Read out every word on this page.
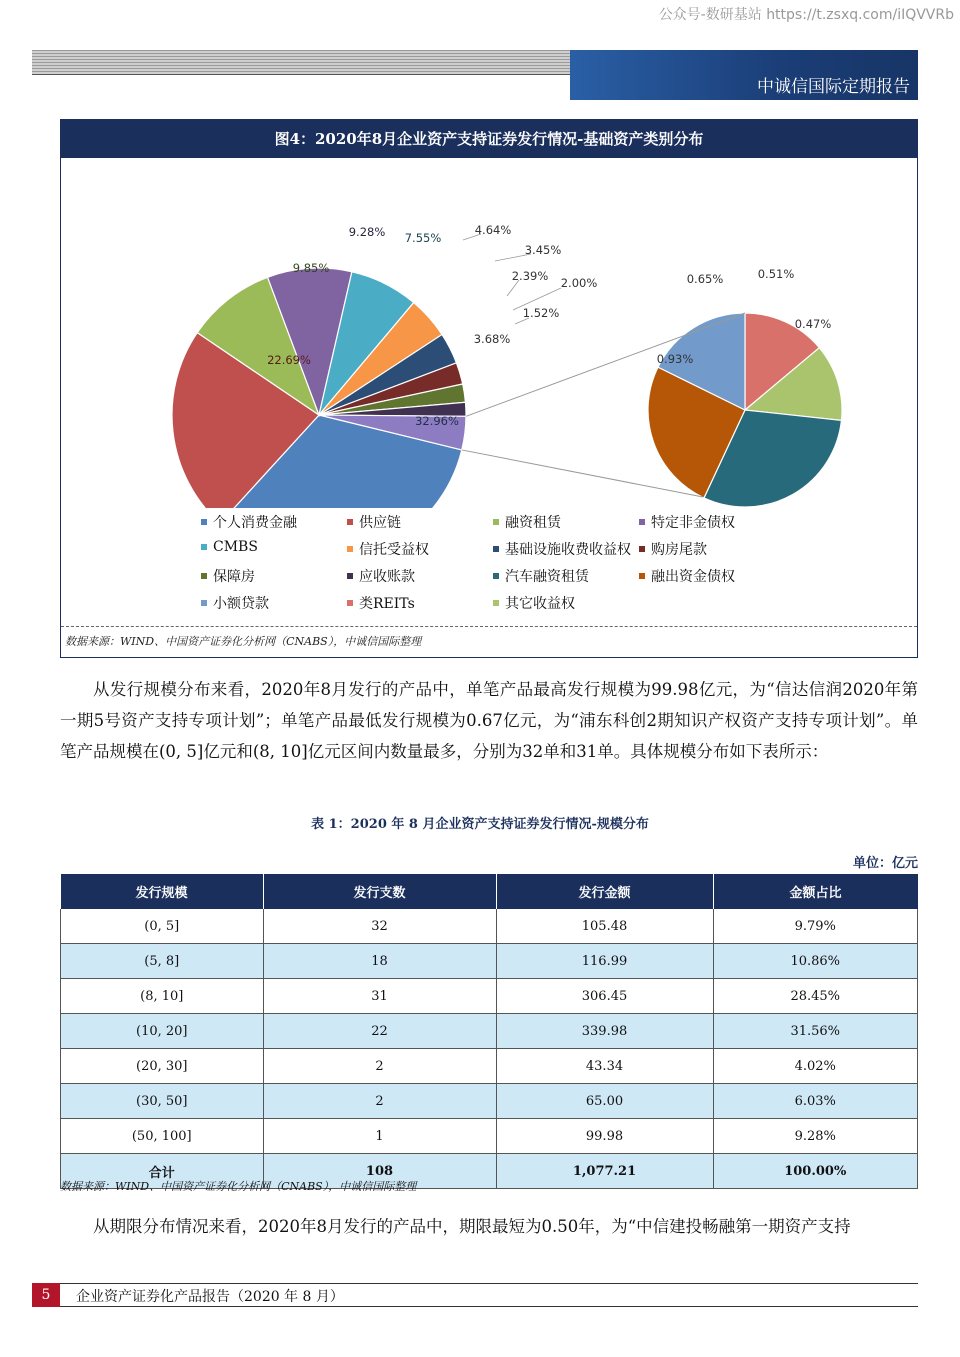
公众号-数研基站 https://t.zsxq.com/iIQVVRb
中诚信国际定期报告
图4：2020年8月企业资产支持证券发行情况-基础资产类别分布
32.96%
22.69%
9.85%
9.28% 7.55%
4.64%
3.45%
2.39% 2.00%
1.52%
3.68%
0.51%
0.47%
0.93%
0.65%
个人消费金融	供应链	融资租赁	特定非金债权
CMBS	信托受益权	基础设施收费收益权 购房尾款
保障房	应收账款	汽车融资租赁	融出资金债权
小额贷款	类REITs	其它收益权
数据来源：WIND、中国资产证券化分析网（CNABS），中诚信国际整理
从发行规模分布来看，2020年8月发行的产品中，单笔产品最高发行规模为99.98亿元，为“信达信润2020年第一期5号资产支持专项计划”；单笔产品最低发行规模为0.67亿元，为“浦东科创2期知识产权资产支持专项计划”。单笔产品规模在(0, 5]亿元和(8, 10]亿元区间内数量最多，分别为32单和31单。具体规模分布如下表所示：
表 1：2020 年 8 月企业资产支持证券发行情况-规模分布
单位：亿元
发行规模	发行支数	发行金额	金额占比
(0, 5]	32	105.48	9.79%
(5, 8]	18	116.99	10.86%
(8, 10]	31	306.45	28.45%
(10, 20]	22	339.98	31.56%
(20, 30]	2	43.34	4.02%
(30, 50]	2	65.00	6.03%
(50, 100]	1	99.98	9.28%
合计	108	1,077.21	100.00%
数据来源：WIND、中国资产证券化分析网（CNABS），中诚信国际整理
从期限分布情况来看，2020年8月发行的产品中，期限最短为0.50年，为“中信建投畅融第一期资产支持
5	企业资产证券化产品报告（2020 年 8 月）
